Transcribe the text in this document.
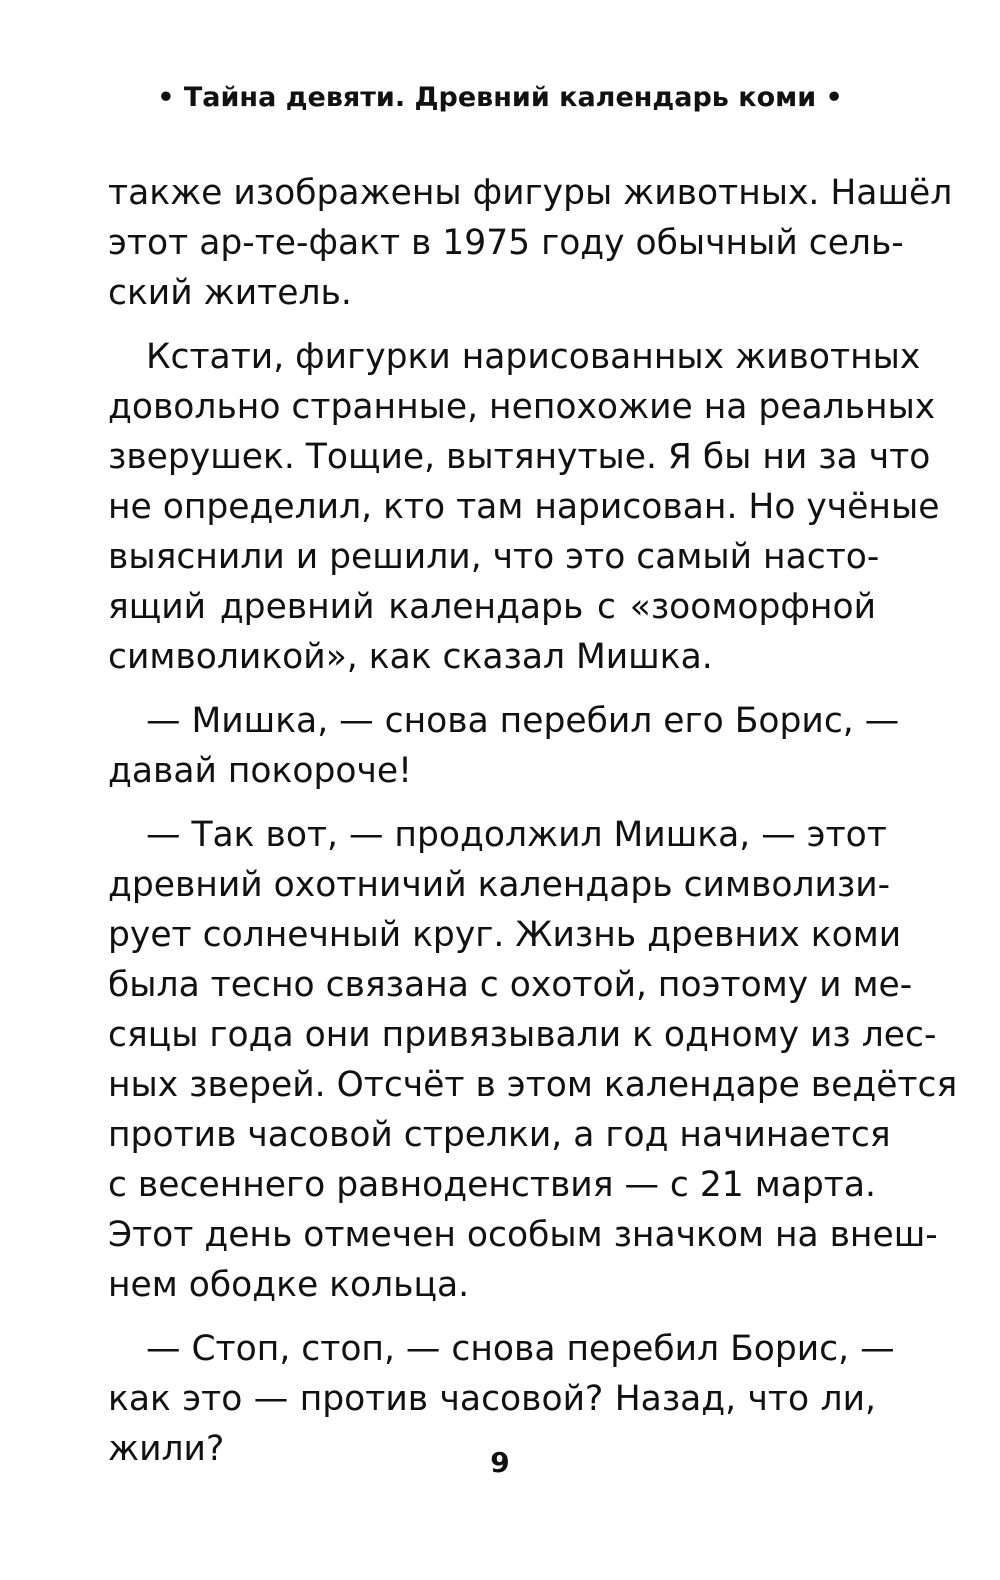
• Тайна девяти. Древний календарь коми •
также изображены фигуры животных. Нашёл
этот ар-те-факт в 1975 году обычный сель-
ский житель.
Кстати, фигурки нарисованных животных
довольно странные, непохожие на реальных
зверушек. Тощие, вытянутые. Я бы ни за что
не определил, кто там нарисован. Но учёные
выяснили и решили, что это самый насто-
ящий древний календарь с «зооморфной
символикой», как сказал Мишка.
— Мишка, — снова перебил его Борис, —
давай покороче!
— Так вот, — продолжил Мишка, — этот
древний охотничий календарь символизи-
рует солнечный круг. Жизнь древних коми
была тесно связана с охотой, поэтому и ме-
сяцы года они привязывали к одному из лес-
ных зверей. Отсчёт в этом календаре ведётся
против часовой стрелки, а год начинается
с весеннего равноденствия — с 21 марта.
Этот день отмечен особым значком на внеш-
нем ободке кольца.
— Стоп, стоп, — снова перебил Борис, —
как это — против часовой? Назад, что ли,
жили?	9
